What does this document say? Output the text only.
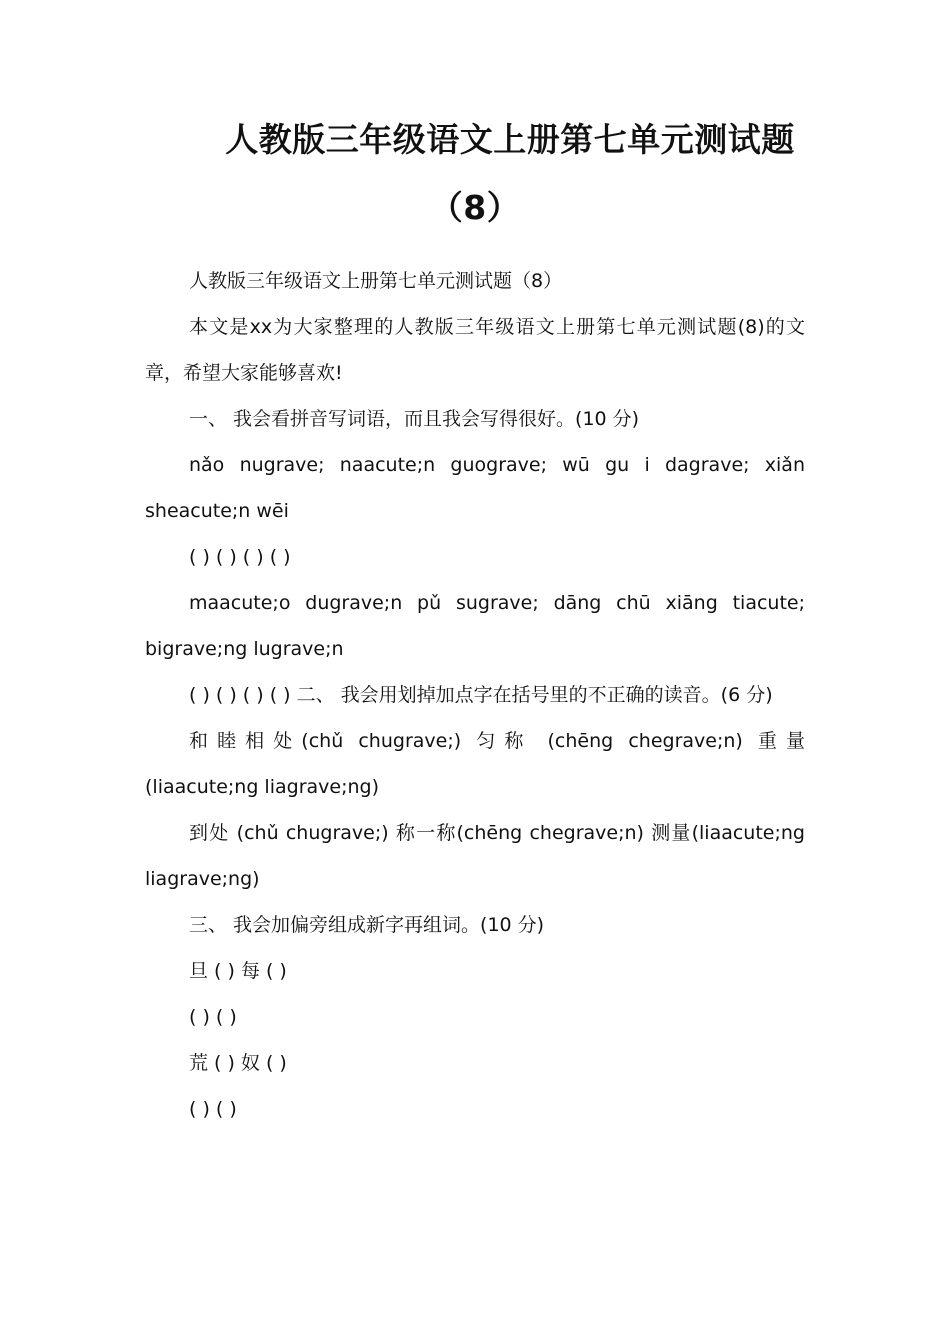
人教版三年级语文上册第七单元测试题
（8）

人教版三年级语文上册第七单元测试题（8）

本文是xx为大家整理的人教版三年级语文上册第七单元测试题(8)的文章，希望大家能够喜欢!

一、 我会看拼音写词语，而且我会写得很好。(10 分)

nǎo nugrave; naacute;n guograve; wū gu i dagrave; xiǎn sheacute;n wēi

( ) ( ) ( ) ( )

maacute;o dugrave;n pǔ sugrave; dāng chū xiāng tiacute; bigrave;ng lugrave;n

( ) ( ) ( ) ( ) 二、 我会用划掉加点字在括号里的不正确的读音。(6 分)

和睦相处(chǔ chugrave;) 匀称 (chēng chegrave;n) 重量(liaacute;ng liagrave;ng)

到处 (chǔ chugrave;) 称一称(chēng chegrave;n) 测量(liaacute;ng liagrave;ng)

三、 我会加偏旁组成新字再组词。(10 分)

旦 ( ) 每 ( )

( ) ( )

荒 ( ) 奴 ( )

( ) ( )
